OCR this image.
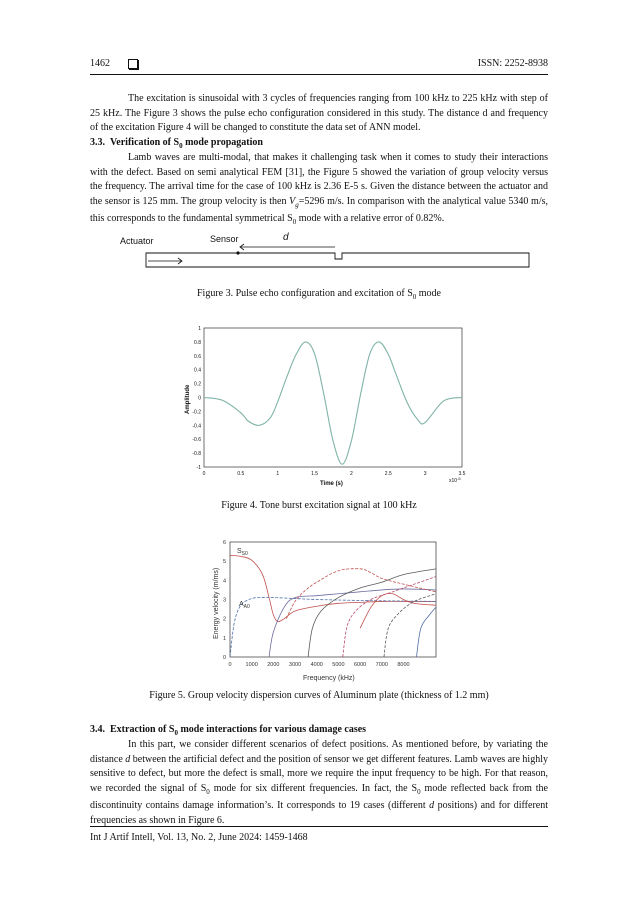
1462	ISSN: 2252-8938

The excitation is sinusoidal with 3 cycles of frequencies ranging from 100 kHz to 225 kHz with step of 25 kHz. The Figure 3 shows the pulse echo configuration considered in this study. The distance d and frequency of the excitation Figure 4 will be changed to constitute the data set of ANN model.

3.3. Verification of $S_0$ mode propagation

Lamb waves are multi-modal, that makes it challenging task when it comes to study their interactions with the defect. Based on semi analytical FEM [31], the Figure 5 showed the variation of group velocity versus the frequency. The arrival time for the case of 100 kHz is 2.36 E-5 s. Given the distance between the actuator and the sensor is 125 mm. The group velocity is then $V_g=5296$ m/s. In comparison with the analytical value 5340 m/s, this corresponds to the fundamental symmetrical $S_0$ mode with a relative error of 0.82%.

Actuator	Sensor	d
Figure 3. Pulse echo configuration and excitation of $S_0$ mode
0	0.5	1	1.5	2	2.5	3	3.5
-1
-0.8
-0.6
-0.4
-0.2
0
0.2
0.4
0.6
0.8
1
Amplitude
Time (s)	$x10^{-5}$
Figure 4. Tone burst excitation signal at 100 kHz
0	1000 2000 3000 4000 5000 6000 7000 8000
0
1
2
3
4
5
6
$S_{S0}$
$A_{A0}$
Energy velocity (m/ms)
Frequency (kHz)
Figure 5. Group velocity dispersion curves of Aluminum plate (thickness of 1.2 mm)
3.4. Extraction of $S_0$ mode interactions for various damage cases

In this part, we consider different scenarios of defect positions. As mentioned before, by variating the distance d between the artificial defect and the position of sensor we get different features. Lamb waves are highly sensitive to defect, but more the defect is small, more we require the input frequency to be high. For that reason, we recorded the signal of $S_0$ mode for six different frequencies. In fact, the $S_0$ mode reflected back from the discontinuity contains damage information’s. It corresponds to 19 cases (different d positions) and for different frequencies as shown in Figure 6.

Int J Artif Intell, Vol. 13, No. 2, June 2024: 1459-1468
